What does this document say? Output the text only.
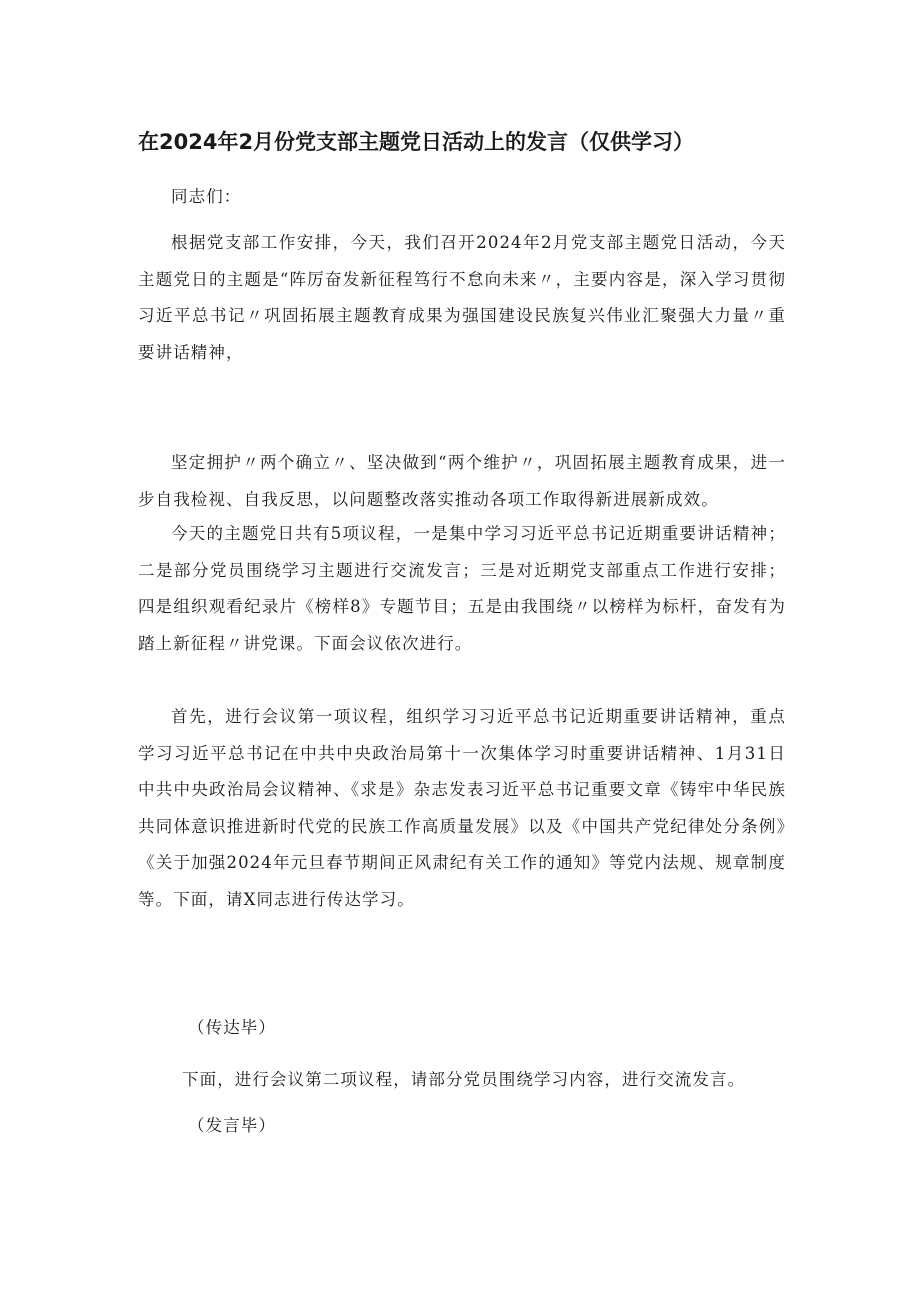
在2024年2月份党支部主题党日活动上的发言（仅供学习）

同志们：

根据党支部工作安排，今天，我们召开2024年2月党支部主题党日活动，今天主题党日的主题是“阵厉奋发新征程笃行不怠向未来〃，主要内容是，深入学习贯彻习近平总书记〃巩固拓展主题教育成果为强国建设民族复兴伟业汇聚强大力量〃重要讲话精神，

坚定拥护〃两个确立〃、坚决做到“两个维护〃，巩固拓展主题教育成果，进一步自我检视、自我反思，以问题整改落实推动各项工作取得新进展新成效。

今天的主题党日共有5项议程，一是集中学习习近平总书记近期重要讲话精神；二是部分党员围绕学习主题进行交流发言；三是对近期党支部重点工作进行安排；四是组织观看纪录片《榜样8》专题节目；五是由我围绕〃以榜样为标杆，奋发有为踏上新征程〃讲党课。下面会议依次进行。

首先，进行会议第一项议程，组织学习习近平总书记近期重要讲话精神，重点学习习近平总书记在中共中央政治局第十一次集体学习时重要讲话精神、1月31日中共中央政治局会议精神、《求是》杂志发表习近平总书记重要文章《铸牢中华民族共同体意识推进新时代党的民族工作高质量发展》以及《中国共产党纪律处分条例》《关于加强2024年元旦春节期间正风肃纪有关工作的通知》等党内法规、规章制度等。下面，请X同志进行传达学习。

（传达毕）

下面，进行会议第二项议程，请部分党员围绕学习内容，进行交流发言。

（发言毕）
